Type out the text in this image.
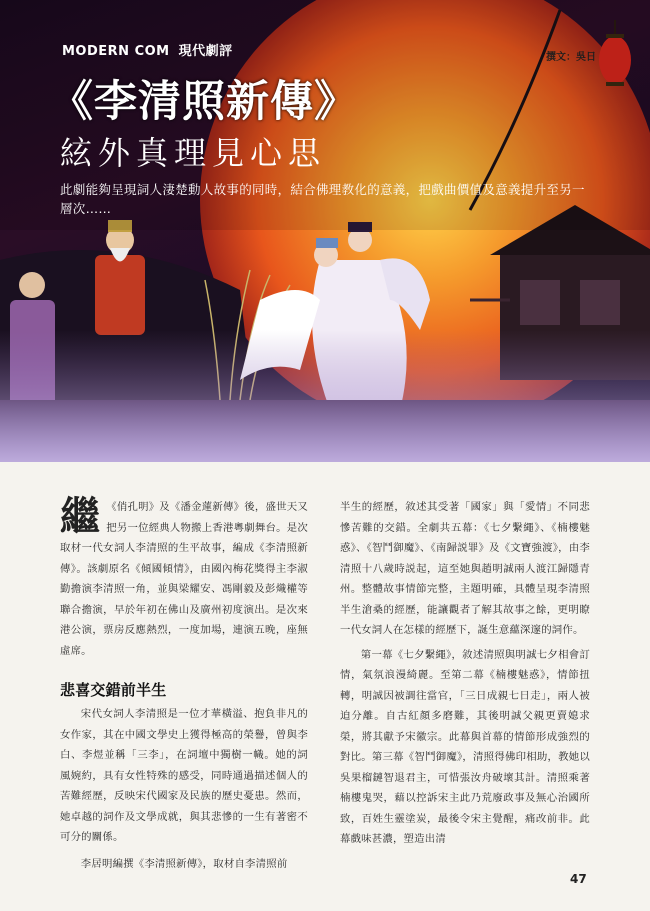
MODERN COM 現代劇評	撰文：吳日
《李清照新傳》
絃外真理見心思
此劇能夠呈現詞人淒楚動人故事的同時，結合佛理教化的意義，把戲曲價值及意義提升至另一層次……

繼 《俏孔明》及《潘金蓮新傳》後，盛世天又把另一位經典人物搬上香港粵劇舞台。是次取材一代女詞人李清照的生平故事，編成《李清照新傳》。該劇原名《傾國傾情》，由國內梅花獎得主李淑勤擔演李清照一角，並與梁耀安、馮剛毅及彭熾權等聯合擔演，早於年初在佛山及廣州初度演出。是次來港公演，票房反應熱烈，一度加場，連演五晚，座無虛席。

悲喜交錯前半生

宋代女詞人李清照是一位才華橫溢、抱負非凡的女作家，其在中國文學史上獲得極高的榮譽，曾與李白、李煜並稱「三李」，在詞壇中獨樹一幟。她的詞風婉約，具有女性特殊的感受，同時通過描述個人的苦難經歷，反映宋代國家及民族的歷史憂患。然而，她卓越的詞作及文學成就，與其悲慘的一生有著密不可分的關係。

李居明編撰《李清照新傳》，取材自李清照前

半生的經歷，敘述其受著「國家」與「愛情」不同悲慘苦難的交錯。全劇共五幕：《七夕繫繩》、《楠樓魅惑》、《智鬥御魔》、《南歸説罪》及《文寶強渡》，由李清照十八歲時説起，這至她與趙明誠兩人渡江歸隱青州。整體故事情節完整，主題明確，具體呈現李清照半生滄桑的經歷，能讓觀者了解其故事之餘，更明瞭一代女詞人在怎樣的經歷下，誕生意蘊深邃的詞作。

第一幕《七夕繫繩》，敘述清照與明誠七夕相會訂情，氣氛浪漫綺麗。至第二幕《楠樓魅惑》，情節扭轉，明誠因被調往當官，「三日成親七日走」，兩人被迫分離。自古紅顏多磨難，其後明誠父親更賣媳求榮，將其獻予宋徽宗。此幕與首幕的情節形成強烈的對比。第三幕《智鬥御魔》，清照得佛印相助，教她以吳果榴鏈智退君主，可惜張汝舟破壞其計。清照乘著楠樓鬼哭，藉以控訴宋主此乃荒廢政事及無心治國所致，百姓生靈塗炭，最後令宋主覺醒，痛改前非。此幕戲味甚濃，塑造出清

47
